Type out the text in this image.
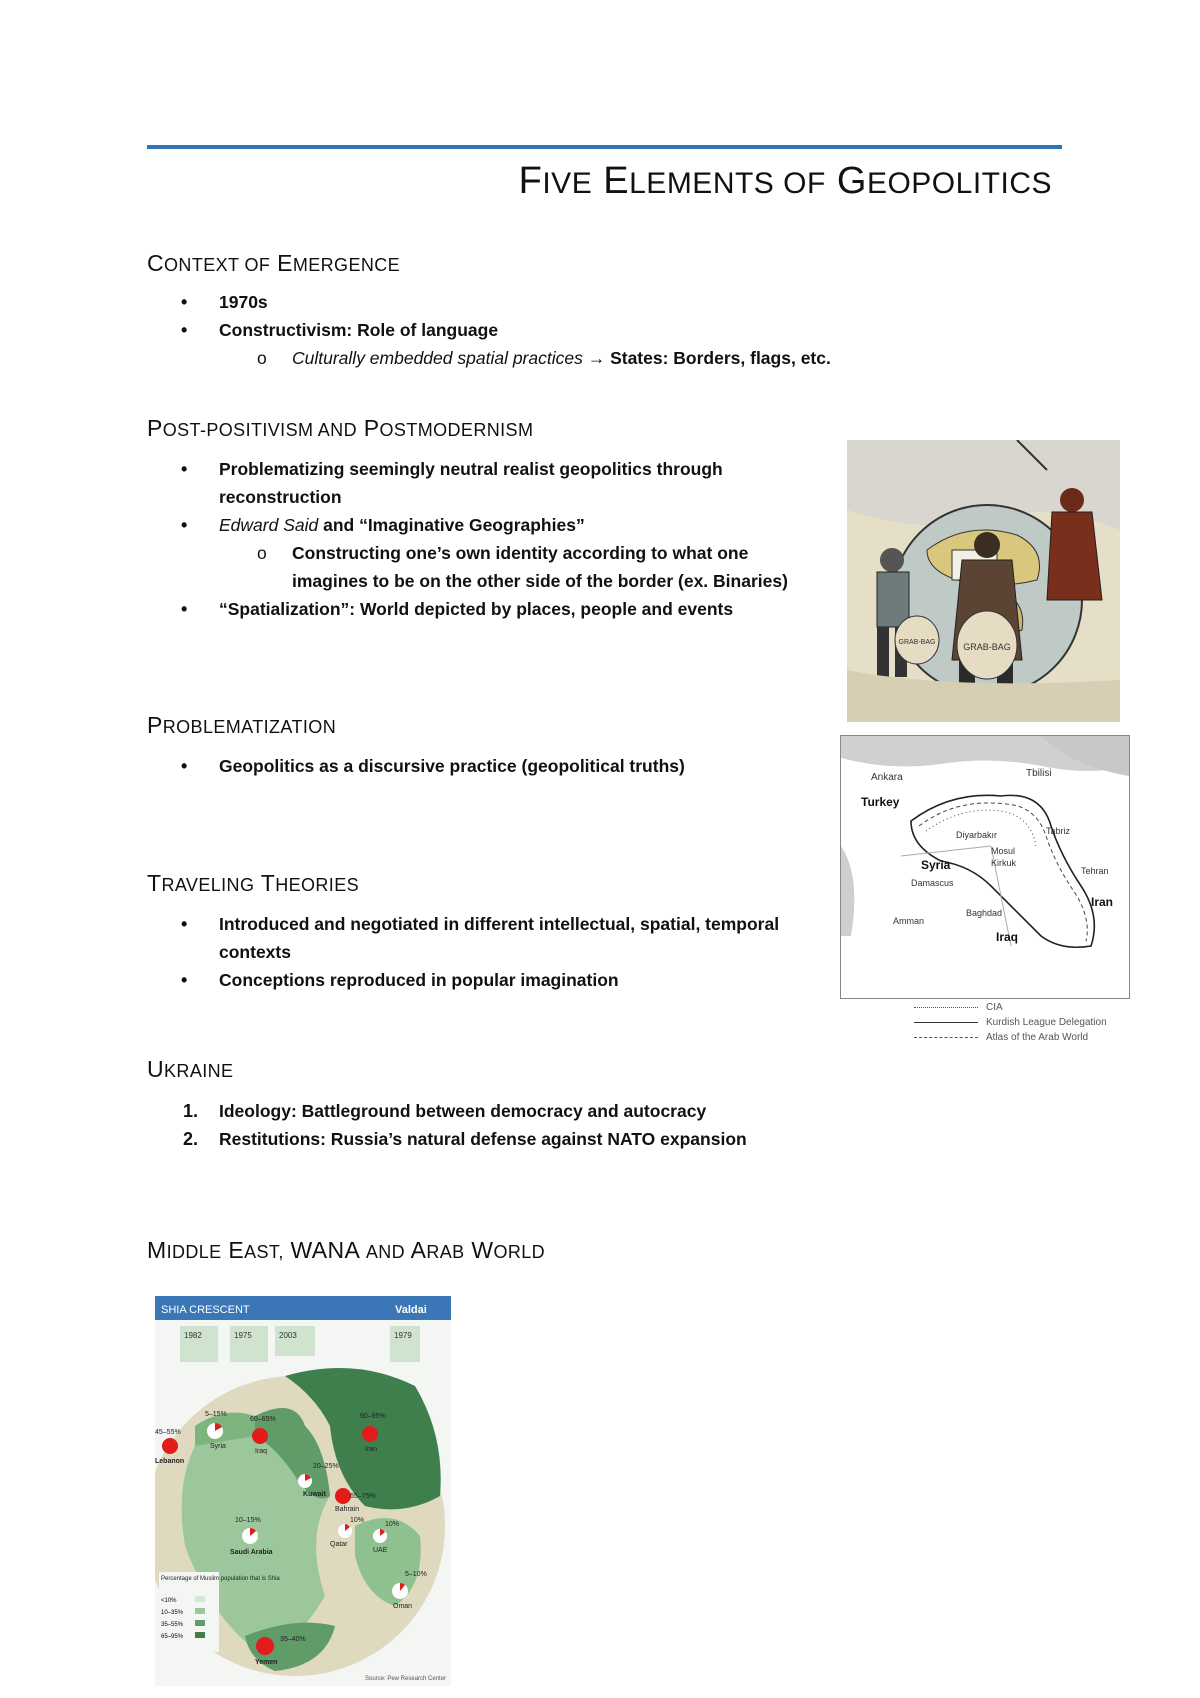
FIVE ELEMENTS OF GEOPOLITICS
CONTEXT OF EMERGENCE
• 1970s
• Constructivism: Role of language
o Culturally embedded spatial practices → States: Borders, flags, etc.
POST-POSITIVISM AND POSTMODERNISM
• Problematizing seemingly neutral realist geopolitics through reconstruction
• Edward Said and “Imaginative Geographies”
o Constructing one’s own identity according to what one imagines to be on the other side of the border (ex. Binaries)
• “Spatialization”: World depicted by places, people and events
GRAB-BAG
GRAB-BAG
PROBLEMATIZATION
• Geopolitics as a discursive practice (geopolitical truths)
Ankara	Tbilisi
Turkey
Tabriz
Diyarbakır
Mosul
Kirkuk
Syria	Tehran
Damascus
Iran
Baghdad
Amman
Iraq
CIA
Kurdish League Delegation
Atlas of the Arab World
TRAVELING THEORIES
• Introduced and negotiated in different intellectual, spatial, temporal contexts
• Conceptions reproduced in popular imagination
UKRAINE
1. Ideology: Battleground between democracy and autocracy
2. Restitutions: Russia’s natural defense against NATO expansion
MIDDLE EAST, WANA AND ARAB WORLD
SHIA CRESCENT	Valdai
1982	1975	2003	1979
45–55%
Lebanon
5–15%
Syria
60–65%
Iraq
90–95%
Iran
20–25%
Kuwait	65–75%
Bahrain
10–15%
Saudi Arabia
10%
Qatar
10%
UAE
5–10%
Oman
35–40%
Yemen
Percentage of Muslim population that is Shia
<10%
10–35%
35–55%
65–95%
Source: Pew Research Center
